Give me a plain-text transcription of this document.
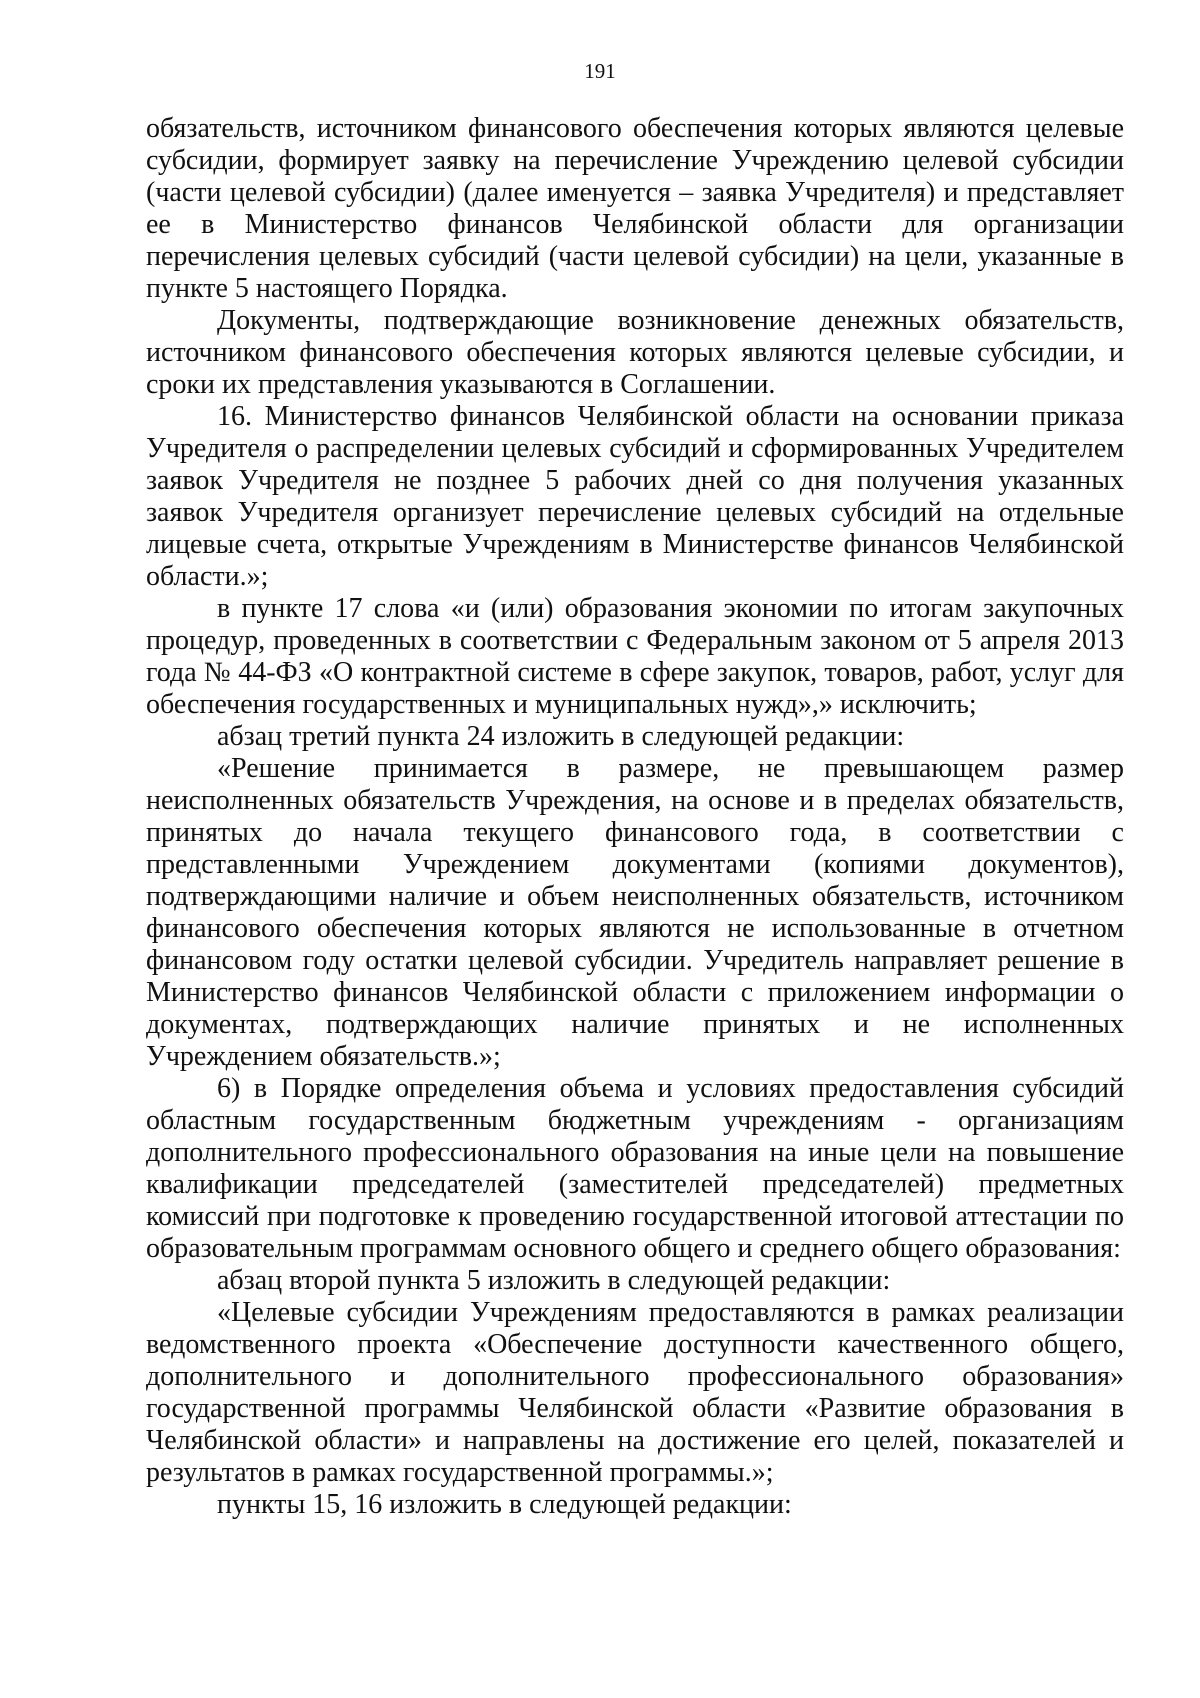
191

обязательств, источником финансового обеспечения которых являются целевые субсидии, формирует заявку на перечисление Учреждению целевой субсидии (части целевой субсидии) (далее именуется – заявка Учредителя) и представляет ее в Министерство финансов Челябинской области для организации перечисления целевых субсидий (части целевой субсидии) на цели, указанные в пункте 5 настоящего Порядка.

Документы, подтверждающие возникновение денежных обязательств, источником финансового обеспечения которых являются целевые субсидии, и сроки их представления указываются в Соглашении.

16. Министерство финансов Челябинской области на основании приказа Учредителя о распределении целевых субсидий и сформированных Учредителем заявок Учредителя не позднее 5 рабочих дней со дня получения указанных заявок Учредителя организует перечисление целевых субсидий на отдельные лицевые счета, открытые Учреждениям в Министерстве финансов Челябинской области.»;

в пункте 17 слова «и (или) образования экономии по итогам закупочных процедур, проведенных в соответствии с Федеральным законом от 5 апреля 2013 года № 44-ФЗ «О контрактной системе в сфере закупок, товаров, работ, услуг для обеспечения государственных и муниципальных нужд»,» исключить;

абзац третий пункта 24 изложить в следующей редакции:

«Решение принимается в размере, не превышающем размер неисполненных обязательств Учреждения, на основе и в пределах обязательств, принятых до начала текущего финансового года, в соответствии с представленными Учреждением документами (копиями документов), подтверждающими наличие и объем неисполненных обязательств, источником финансового обеспечения которых являются не использованные в отчетном финансовом году остатки целевой субсидии. Учредитель направляет решение в Министерство финансов Челябинской области с приложением информации о документах, подтверждающих наличие принятых и не исполненных Учреждением обязательств.»;

6) в Порядке определения объема и условиях предоставления субсидий областным государственным бюджетным учреждениям - организациям дополнительного профессионального образования на иные цели на повышение квалификации председателей (заместителей председателей) предметных комиссий при подготовке к проведению государственной итоговой аттестации по образовательным программам основного общего и среднего общего образования:

абзац второй пункта 5 изложить в следующей редакции:

«Целевые субсидии Учреждениям предоставляются в рамках реализации ведомственного проекта «Обеспечение доступности качественного общего, дополнительного и дополнительного профессионального образования» государственной программы Челябинской области «Развитие образования в Челябинской области» и направлены на достижение его целей, показателей и результатов в рамках государственной программы.»;

пункты 15, 16 изложить в следующей редакции:
